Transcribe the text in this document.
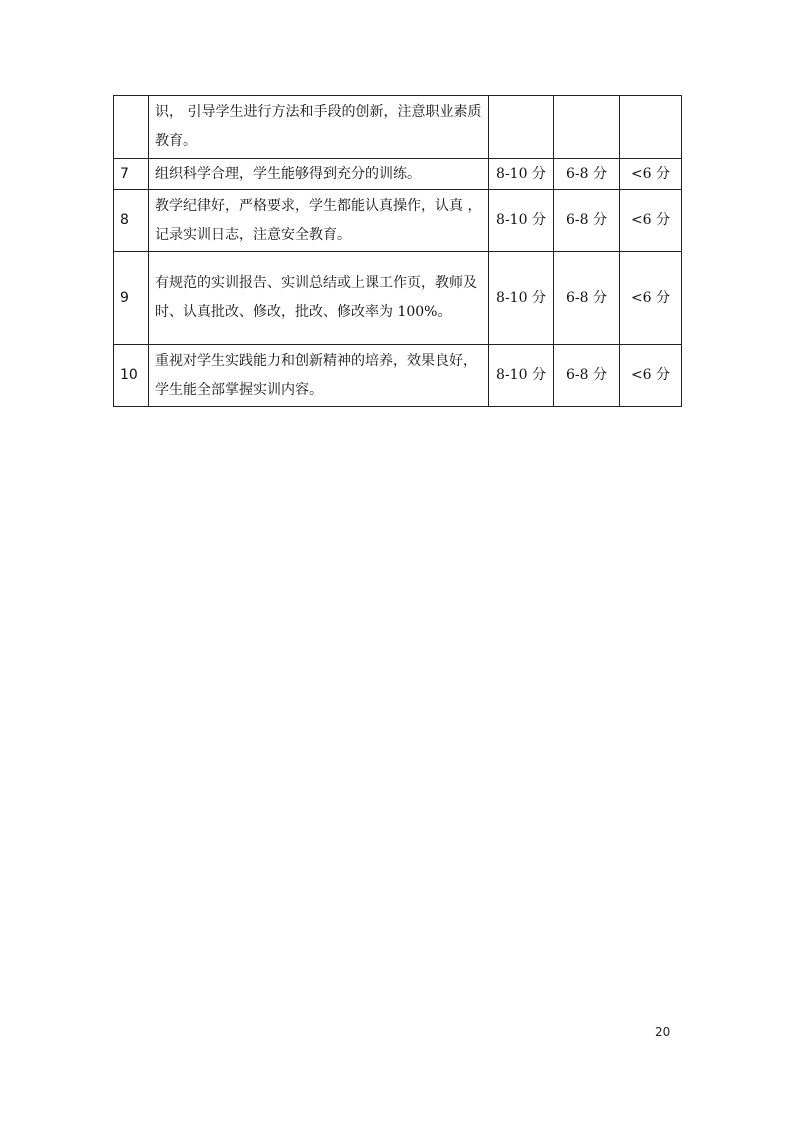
	识， 引导学生进行方法和手段的创新，注意职业素质教育。			
7	组织科学合理，学生能够得到充分的训练。	8-10 分	6-8 分	<6 分
8	教学纪律好，严格要求，学生都能认真操作，认真 ，记录实训日志，注意安全教育。	8-10 分	6-8 分	<6 分
9	有规范的实训报告、实训总结或上课工作页，教师及时、认真批改、修改，批改、修改率为 100%。	8-10 分	6-8 分	<6 分
10	重视对学生实践能力和创新精神的培养，效果良好，学生能全部掌握实训内容。	8-10 分	6-8 分	<6 分
20
